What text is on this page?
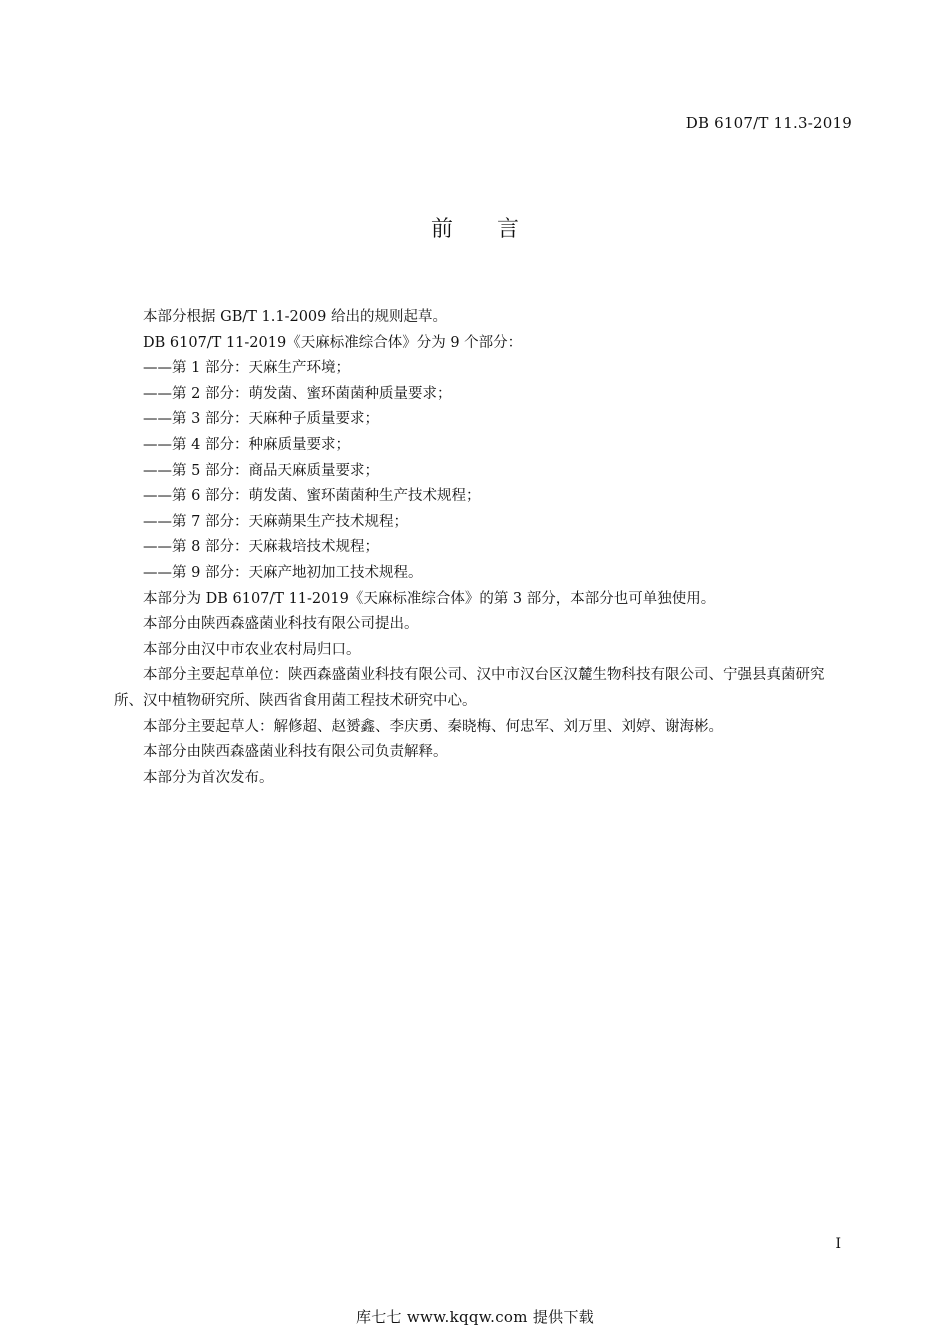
DB 6107/T 11.3-2019
前言

本部分根据 GB/T 1.1-2009 给出的规则起草。

DB 6107/T 11-2019《天麻标准综合体》分为 9 个部分：

——第 1 部分：天麻生产环境；

——第 2 部分：萌发菌、蜜环菌菌种质量要求；

——第 3 部分：天麻种子质量要求；

——第 4 部分：种麻质量要求；

——第 5 部分：商品天麻质量要求；

——第 6 部分：萌发菌、蜜环菌菌种生产技术规程；

——第 7 部分：天麻蒴果生产技术规程；

——第 8 部分：天麻栽培技术规程；

——第 9 部分：天麻产地初加工技术规程。

本部分为 DB 6107/T 11-2019《天麻标准综合体》的第 3 部分，本部分也可单独使用。

本部分由陕西森盛菌业科技有限公司提出。

本部分由汉中市农业农村局归口。

本部分主要起草单位：陕西森盛菌业科技有限公司、汉中市汉台区汉麓生物科技有限公司、宁强县真菌研究所、汉中植物研究所、陕西省食用菌工程技术研究中心。

本部分主要起草人：解修超、赵赟鑫、李庆勇、秦晓梅、何忠军、刘万里、刘婷、谢海彬。

本部分由陕西森盛菌业科技有限公司负责解释。

本部分为首次发布。

I
库七七 www.kqqw.com 提供下载
